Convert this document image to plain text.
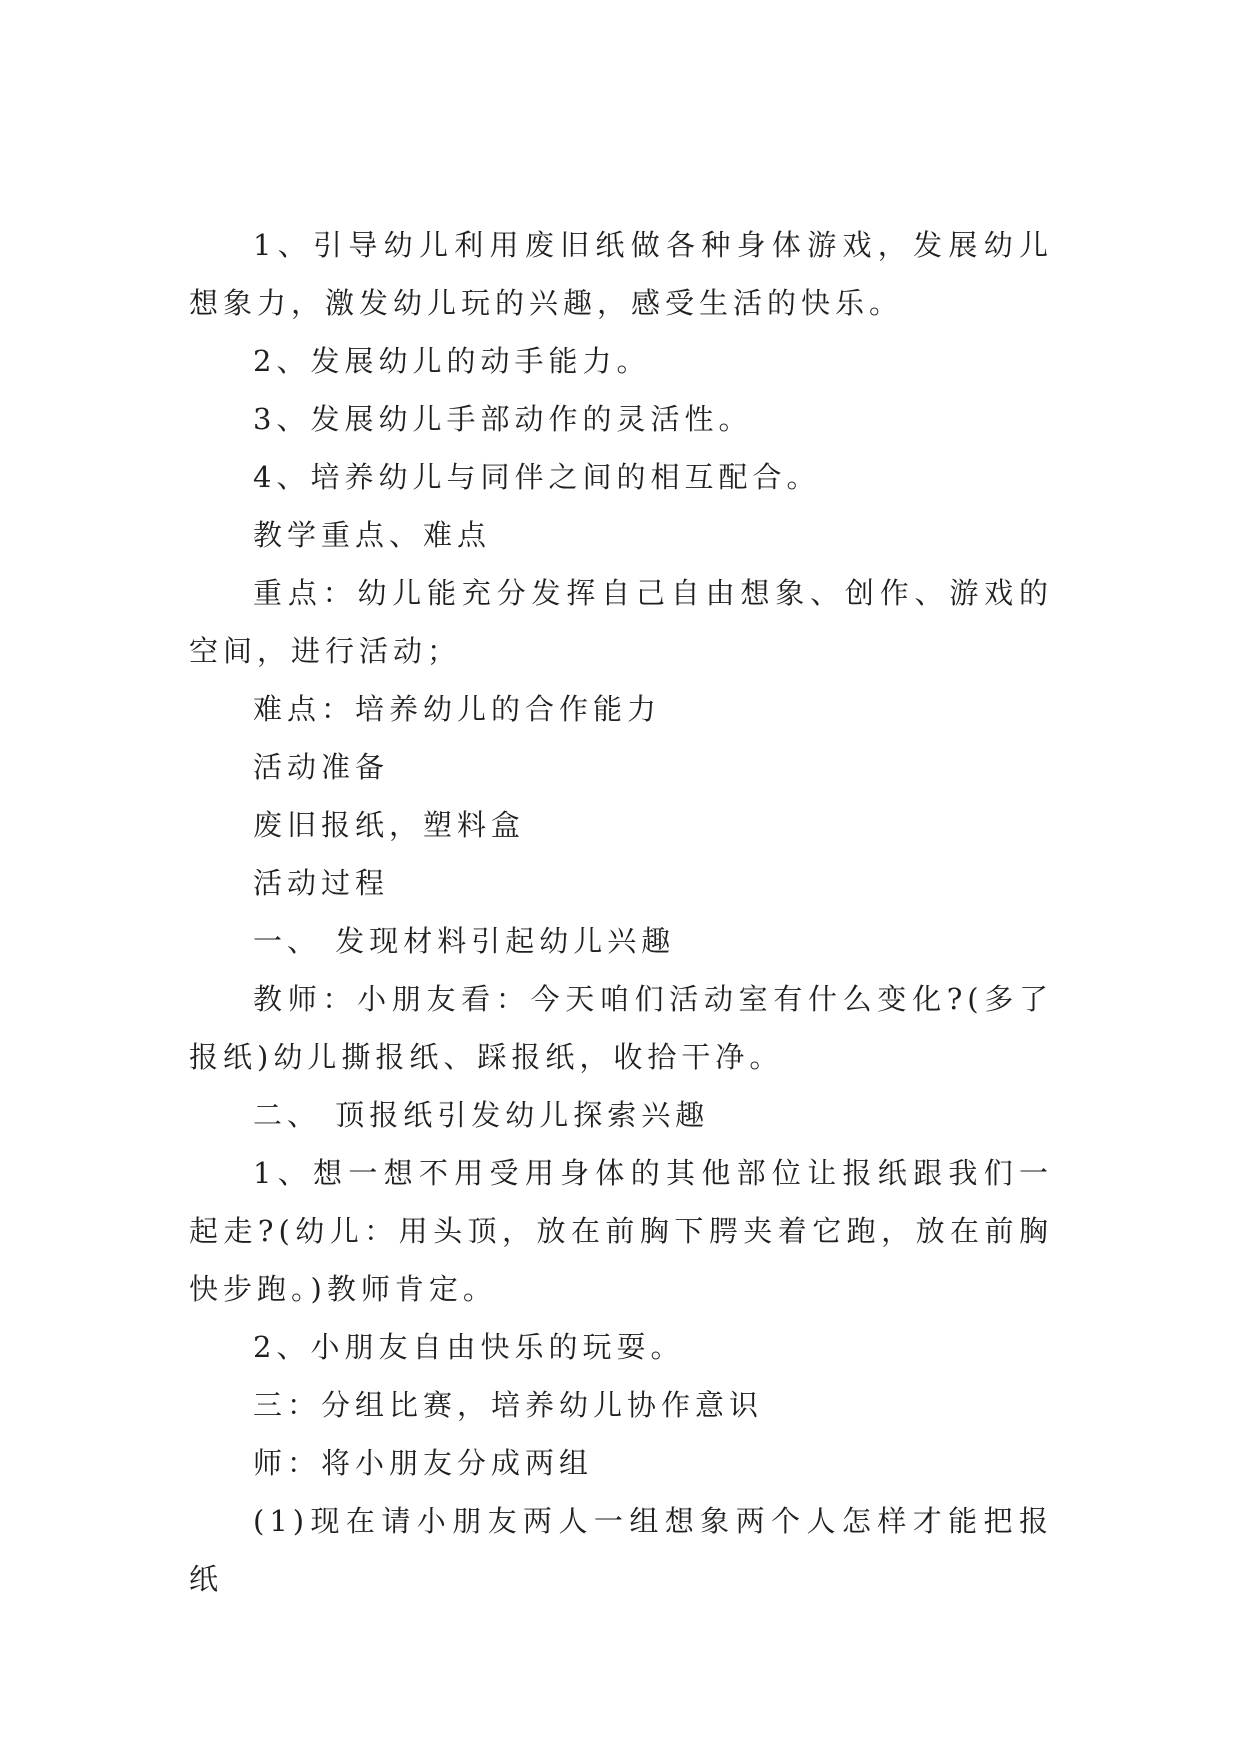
1、引导幼儿利用废旧纸做各种身体游戏，发展幼儿想象力，激发幼儿玩的兴趣，感受生活的快乐。

2、发展幼儿的动手能力。

3、发展幼儿手部动作的灵活性。

4、培养幼儿与同伴之间的相互配合。

教学重点、难点

重点：幼儿能充分发挥自己自由想象、创作、游戏的空间，进行活动；

难点：培养幼儿的合作能力

活动准备

废旧报纸，塑料盒

活动过程

一、 发现材料引起幼儿兴趣

教师：小朋友看：今天咱们活动室有什么变化?(多了报纸)幼儿撕报纸、踩报纸，收拾干净。

二、 顶报纸引发幼儿探索兴趣

1、想一想不用受用身体的其他部位让报纸跟我们一起走?(幼儿：用头顶，放在前胸下腭夹着它跑，放在前胸快步跑。)教师肯定。

2、小朋友自由快乐的玩耍。

三：分组比赛，培养幼儿协作意识

师：将小朋友分成两组

(1)现在请小朋友两人一组想象两个人怎样才能把报纸
